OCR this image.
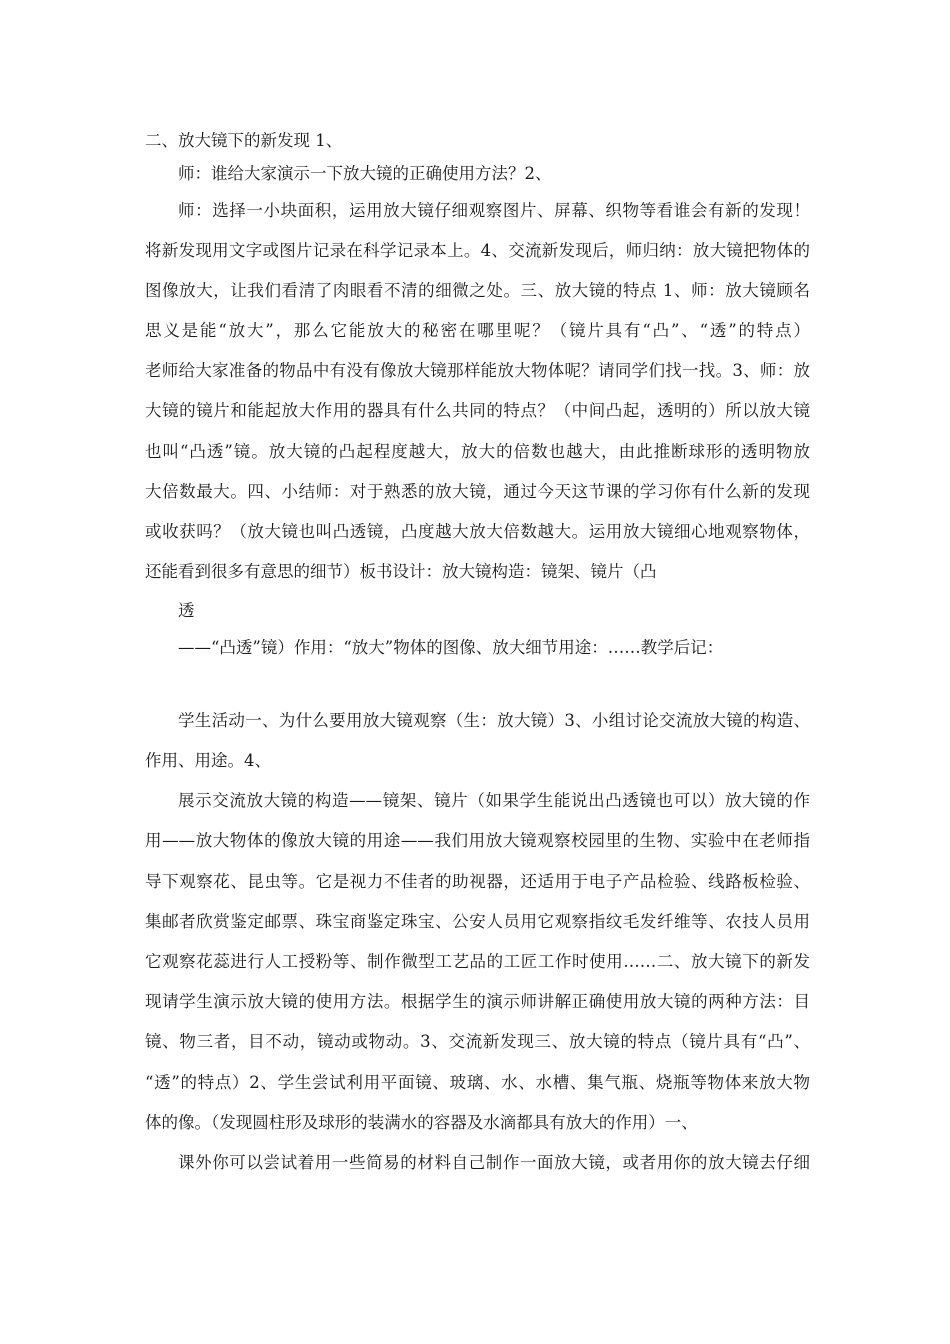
二、放大镜下的新发现 1、
师：谁给大家演示一下放大镜的正确使用方法？2、
师：选择一小块面积，运用放大镜仔细观察图片、屏幕、织物等看谁会有新的发现！
将新发现用文字或图片记录在科学记录本上。4、交流新发现后，师归纳：放大镜把物体的
图像放大，让我们看清了肉眼看不清的细微之处。三、放大镜的特点 1、师：放大镜顾名
思义是能“放大”，那么它能放大的秘密在哪里呢？（镜片具有“凸”、“透”的特点）
老师给大家准备的物品中有没有像放大镜那样能放大物体呢？请同学们找一找。3、师：放
大镜的镜片和能起放大作用的器具有什么共同的特点？（中间凸起，透明的）所以放大镜
也叫“凸透”镜。放大镜的凸起程度越大，放大的倍数也越大，由此推断球形的透明物放
大倍数最大。四、小结师：对于熟悉的放大镜，通过今天这节课的学习你有什么新的发现
或收获吗？（放大镜也叫凸透镜，凸度越大放大倍数越大。运用放大镜细心地观察物体，
还能看到很多有意思的细节）板书设计：放大镜构造：镜架、镜片（凸
透
——“凸透”镜）作用：“放大”物体的图像、放大细节用途：……教学后记：
学生活动一、为什么要用放大镜观察（生：放大镜）3、小组讨论交流放大镜的构造、
作用、用途。4、
展示交流放大镜的构造——镜架、镜片（如果学生能说出凸透镜也可以）放大镜的作
用——放大物体的像放大镜的用途——我们用放大镜观察校园里的生物、实验中在老师指
导下观察花、昆虫等。它是视力不佳者的助视器，还适用于电子产品检验、线路板检验、
集邮者欣赏鉴定邮票、珠宝商鉴定珠宝、公安人员用它观察指纹毛发纤维等、农技人员用
它观察花蕊进行人工授粉等、制作微型工艺品的工匠工作时使用……二、放大镜下的新发
现请学生演示放大镜的使用方法。根据学生的演示师讲解正确使用放大镜的两种方法：目
镜、物三者，目不动，镜动或物动。3、交流新发现三、放大镜的特点（镜片具有“凸”、
“透”的特点）2、学生尝试利用平面镜、玻璃、水、水槽、集气瓶、烧瓶等物体来放大物
体的像。（发现圆柱形及球形的装满水的容器及水滴都具有放大的作用）一、
课外你可以尝试着用一些简易的材料自己制作一面放大镜，或者用你的放大镜去仔细
